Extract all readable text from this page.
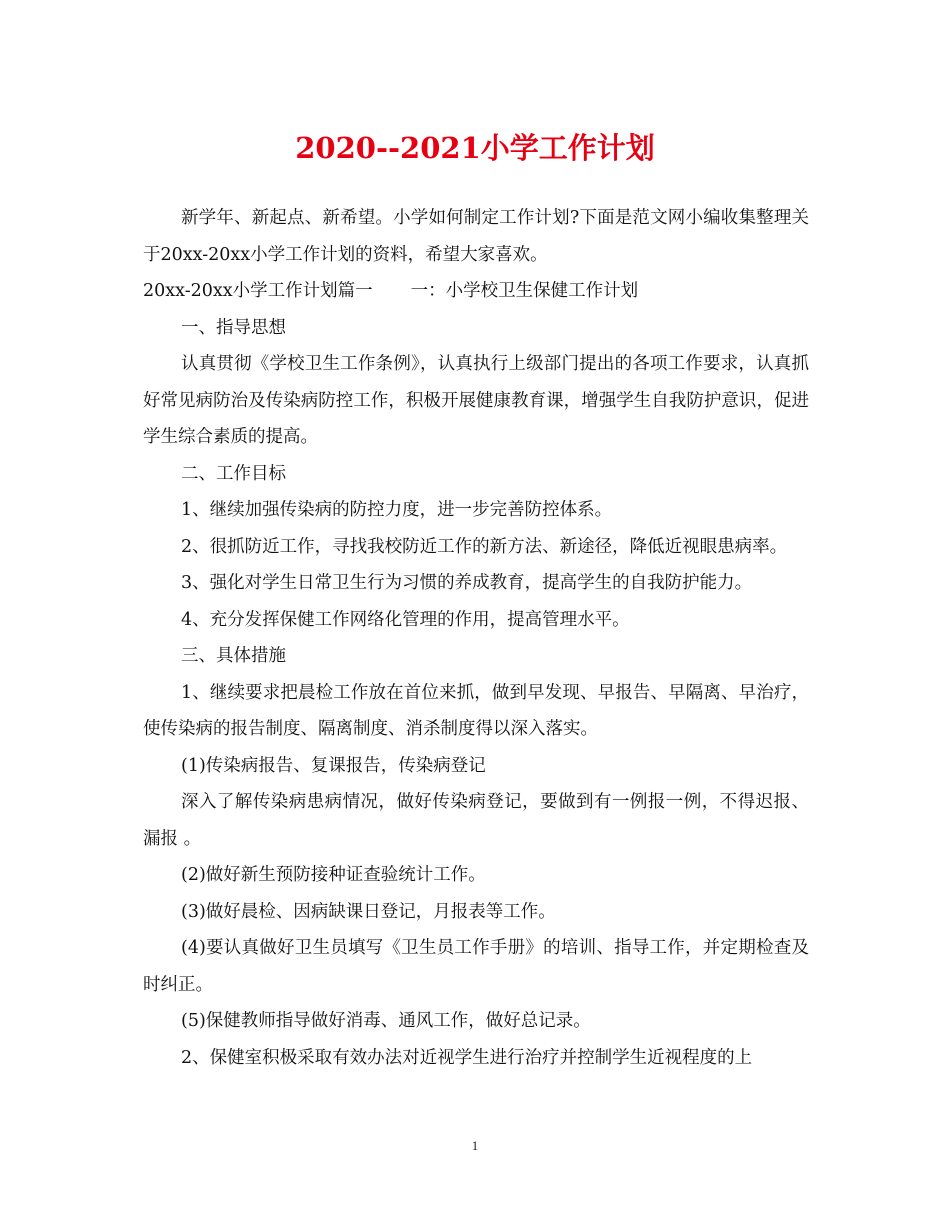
2020--2021小学工作计划

新学年、新起点、新希望。小学如何制定工作计划?下面是范文网小编收集整理关于20xx-20xx小学工作计划的资料，希望大家喜欢。

20xx-20xx小学工作计划篇一 一：小学校卫生保健工作计划

一、指导思想

认真贯彻《学校卫生工作条例》，认真执行上级部门提出的各项工作要求，认真抓好常见病防治及传染病防控工作，积极开展健康教育课，增强学生自我防护意识，促进学生综合素质的提高。

二、工作目标

1、继续加强传染病的防控力度，进一步完善防控体系。

2、很抓防近工作，寻找我校防近工作的新方法、新途径，降低近视眼患病率。

3、强化对学生日常卫生行为习惯的养成教育，提高学生的自我防护能力。

4、充分发挥保健工作网络化管理的作用，提高管理水平。

三、具体措施

1、继续要求把晨检工作放在首位来抓，做到早发现、早报告、早隔离、早治疗，使传染病的报告制度、隔离制度、消杀制度得以深入落实。

(1)传染病报告、复课报告，传染病登记

深入了解传染病患病情况，做好传染病登记，要做到有一例报一例，不得迟报、漏报 。

(2)做好新生预防接种证查验统计工作。

(3)做好晨检、因病缺课日登记，月报表等工作。

(4)要认真做好卫生员填写《卫生员工作手册》的培训、指导工作，并定期检查及时纠正。

(5)保健教师指导做好消毒、通风工作，做好总记录。

2、保健室积极采取有效办法对近视学生进行治疗并控制学生近视程度的上

1
